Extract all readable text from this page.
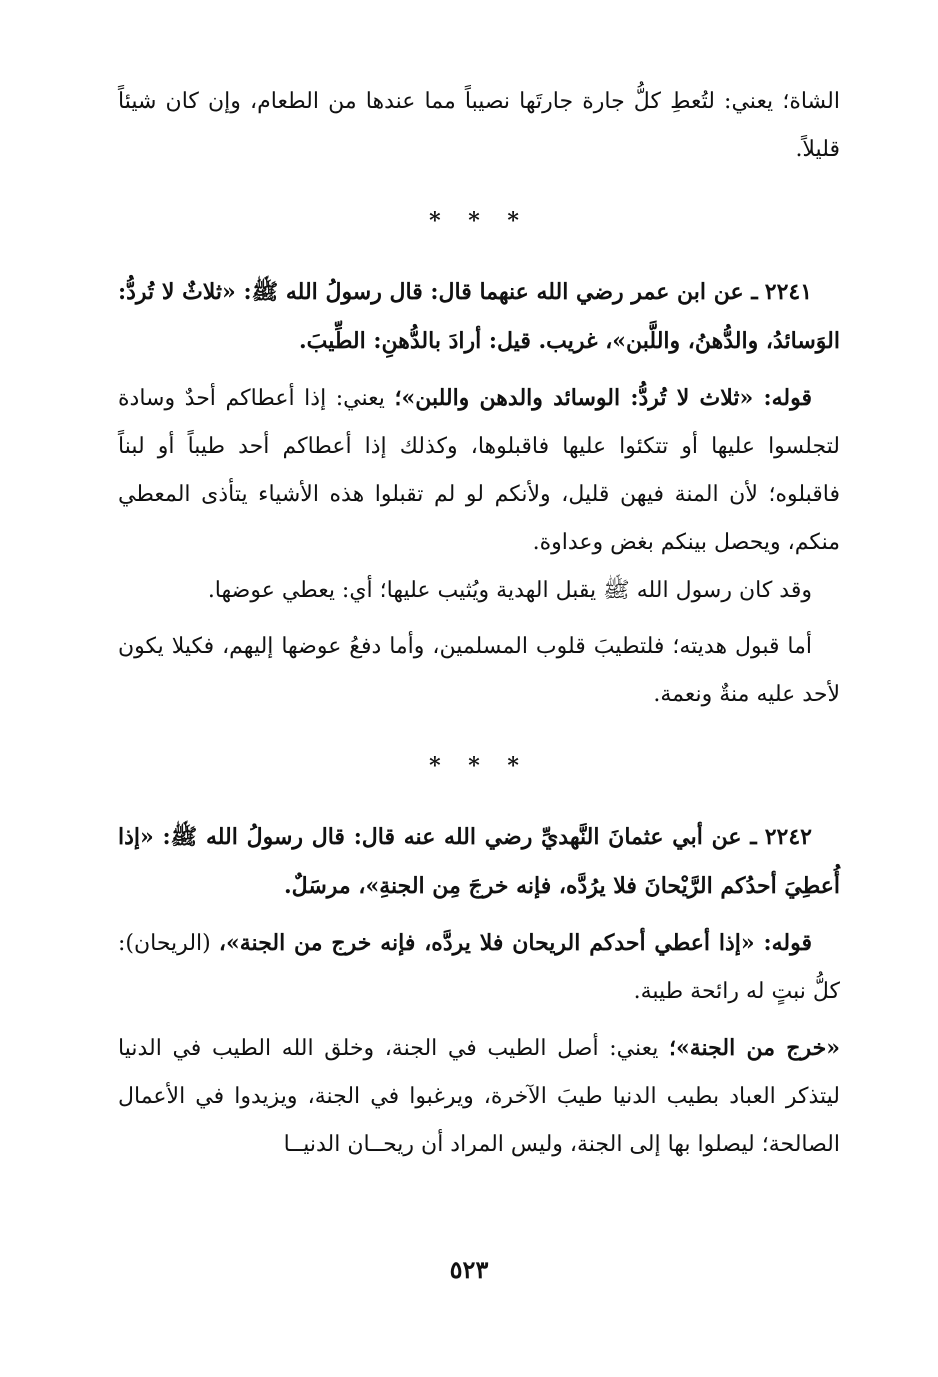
الشاة؛ يعني: لتُعطِ كلُّ جارة جارتَها نصيباً مما عندها من الطعام، وإن كان شيئاً قليلاً.

* * *

٢٢٤١ ـ عن ابن عمر رضي الله عنهما قال: قال رسولُ الله ﷺ: «ثلاثٌ لا تُردُّ: الوَسائدُ، والدُّهنُ، واللَّبن»، غريب. قيل: أرادَ بالدُّهنِ: الطِّيبَ.

قوله: «ثلاث لا تُردُّ: الوسائد والدهن واللبن»؛ يعني: إذا أعطاكم أحدٌ وسادة لتجلسوا عليها أو تتكئوا عليها فاقبلوها، وكذلك إذا أعطاكم أحد طيباً أو لبناً فاقبلوه؛ لأن المنة فيهن قليل، ولأنكم لو لم تقبلوا هذه الأشياء يتأذى المعطي منكم، ويحصل بينكم بغض وعداوة.

وقد كان رسول الله ﷺ يقبل الهدية ويُثيب عليها؛ أي: يعطي عوضها.

أما قبول هديته؛ فلتطيبَ قلوب المسلمين، وأما دفعُ عوضها إليهم، فكيلا يكون لأحد عليه منةٌ ونعمة.

* * *

٢٢٤٢ ـ عن أبي عثمانَ النَّهديِّ رضي الله عنه قال: قال رسولُ الله ﷺ: «إذا أُعطِيَ أحدُكم الرَّيْحانَ فلا يرُدَّه، فإنه خرجَ مِن الجنةِ»، مرسَلٌ.

قوله: «إذا أعطي أحدكم الريحان فلا يردَّه، فإنه خرج من الجنة»، (الريحان): كلُّ نبتٍ له رائحة طيبة.

«خرج من الجنة»؛ يعني: أصل الطيب في الجنة، وخلق الله الطيب في الدنيا ليتذكر العباد بطيب الدنيا طيبَ الآخرة، ويرغبوا في الجنة، ويزيدوا في الأعمال الصالحة؛ ليصلوا بها إلى الجنة، وليس المراد أن ريحــان الدنيــا

٥٢٣
